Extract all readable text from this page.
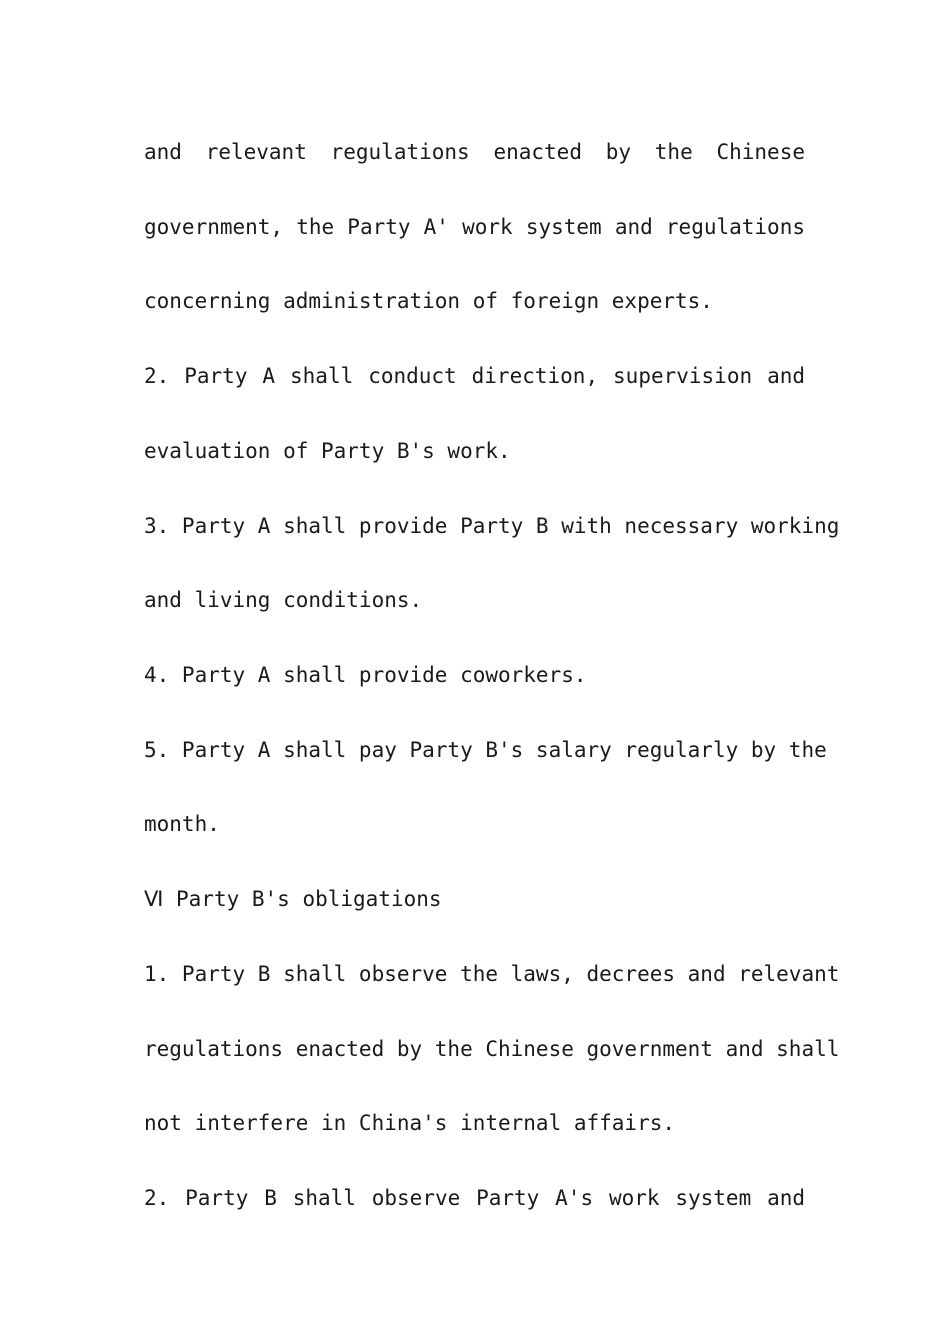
and relevant regulations enacted by the Chinese
government, the Party A' work system and regulations
concerning administration of foreign experts.
2. Party A shall conduct direction, supervision and
evaluation of Party B's work.
3. Party A shall provide Party B with necessary working
and living conditions.
4. Party A shall provide coworkers.
5. Party A shall pay Party B's salary regularly by the
month.
Ⅵ Party B's obligations
1. Party B shall observe the laws, decrees and relevant
regulations enacted by the Chinese government and shall
not interfere in China's internal affairs.
2. Party B shall observe Party A's work system and
